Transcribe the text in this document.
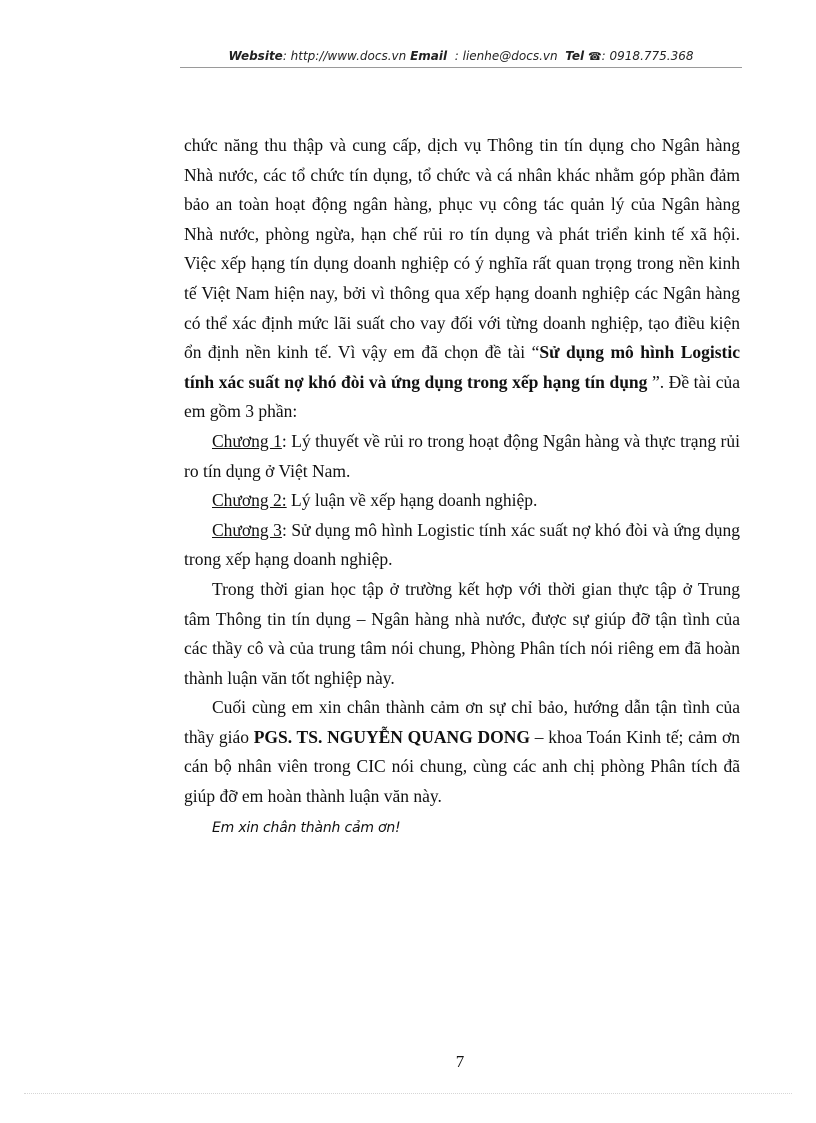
Website: http://www.docs.vn Email  : lienhe@docs.vn Tel ☎: 0918.775.368

chức năng thu thập và cung cấp, dịch vụ Thông tin tín dụng cho Ngân hàng Nhà nước, các tổ chức tín dụng, tổ chức và cá nhân khác nhằm góp phần đảm bảo an toàn hoạt động ngân hàng, phục vụ công tác quản lý của Ngân hàng Nhà nước, phòng ngừa, hạn chế rủi ro tín dụng và phát triển kinh tế xã hội. Việc xếp hạng tín dụng doanh nghiệp có ý nghĩa rất quan trọng trong nền kinh tế Việt Nam hiện nay, bởi vì thông qua xếp hạng doanh nghiệp các Ngân hàng có thể xác định mức lãi suất cho vay đối với từng doanh nghiệp, tạo điều kiện ổn định nền kinh tế. Vì vậy em đã chọn đề tài “Sử dụng mô hình Logistic tính xác suất nợ khó đòi và ứng dụng trong xếp hạng tín dụng ”. Đề tài của em gồm 3 phần:

Chương 1: Lý thuyết về rủi ro trong hoạt động Ngân hàng và thực trạng rủi ro tín dụng ở Việt Nam.

Chương 2: Lý luận về xếp hạng doanh nghiệp.

Chương 3: Sử dụng mô hình Logistic tính xác suất nợ khó đòi và ứng dụng trong xếp hạng doanh nghiệp.

Trong thời gian học tập ở trường kết hợp với thời gian thực tập ở Trung tâm Thông tin tín dụng – Ngân hàng nhà nước, được sự giúp đỡ tận tình của các thầy cô và của trung tâm nói chung, Phòng Phân tích nói riêng em đã hoàn thành luận văn tốt nghiệp này.

Cuối cùng em xin chân thành cảm ơn sự chỉ bảo, hướng dẫn tận tình của thầy giáo PGS. TS. NGUYỄN QUANG DONG – khoa Toán Kinh tế; cảm ơn cán bộ nhân viên trong CIC nói chung, cùng các anh chị phòng Phân tích đã giúp đỡ em hoàn thành luận văn này.

Em xin chân thành cảm ơn!

7
